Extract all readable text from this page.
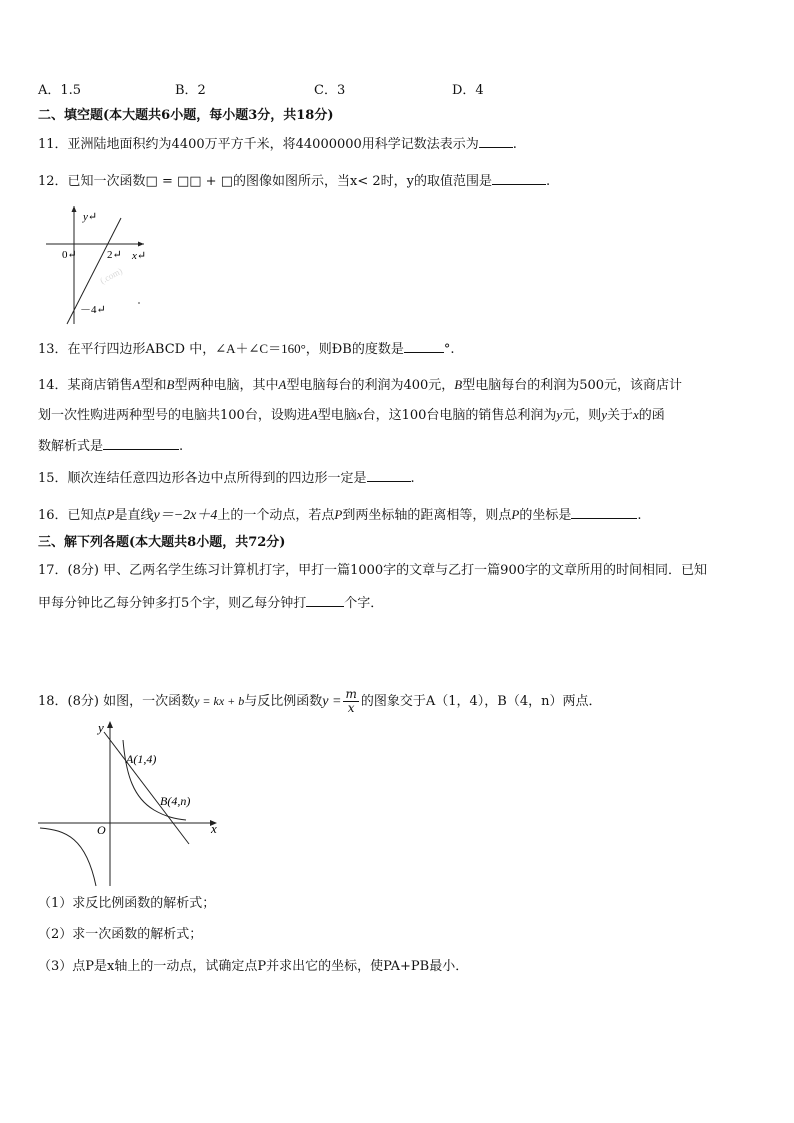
A．1.5	B．2	C．3	D．4
二、填空题(本大题共6小题，每小题3分，共18分)
11．亚洲陆地面积约为4400万平方千米，将44000000用科学记数法表示为	.
12．已知一次函数□ = □□ + □的图像如图所示，当x< 2时，y的取值范围是	.
y↵
x↵
0↵	2↵
－4↵
(.com)
13．在平行四边形ABCD 中，∠A＋∠C＝160°，则ÐB的度数是	°.
14．某商店销售A型和B型两种电脑，其中A型电脑每台的利润为400元，B型电脑每台的利润为500元，该商店计
划一次性购进两种型号的电脑共100台，设购进A型电脑x台，这100台电脑的销售总利润为y元，则y关于x的函
数解析式是	.
15．顺次连结任意四边形各边中点所得到的四边形一定是	.
16．已知点P是直线y＝−2x＋4上的一个动点，若点P到两坐标轴的距离相等，则点P的坐标是	.
三、解下列各题(本大题共8小题，共72分)
17．(8分) 甲、乙两名学生练习计算机打字，甲打一篇1000字的文章与乙打一篇900字的文章所用的时间相同．已知
甲每分钟比乙每分钟多打5个字，则乙每分钟打	个字．
18．(8分) 如图，一次函数y = kx + b与反比例函数$y = \frac{m}{x}$ 的图象交于A（1，4），B（4，n）两点．
y
x
O
A(1,4)
B(4,n)
（1）求反比例函数的解析式；
（2）求一次函数的解析式；
（3）点P是x轴上的一动点，试确定点P并求出它的坐标，使PA+PB最小．
